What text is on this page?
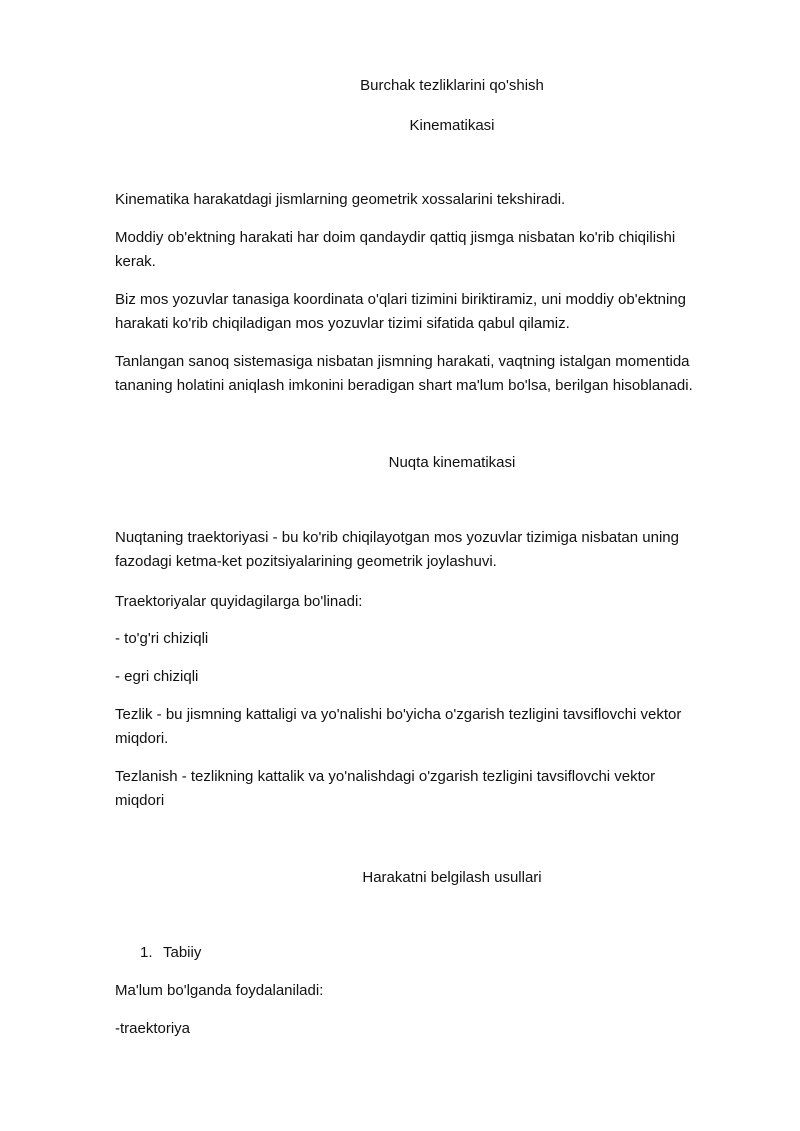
Burchak tezliklarini qo'shish
Kinematikasi
Kinematika harakatdagi jismlarning geometrik xossalarini tekshiradi.
Moddiy ob'ektning harakati har doim qandaydir qattiq jismga nisbatan ko'rib chiqilishi
kerak.
Biz mos yozuvlar tanasiga koordinata o'qlari tizimini biriktiramiz, uni moddiy ob'ektning
harakati ko'rib chiqiladigan mos yozuvlar tizimi sifatida qabul qilamiz.
Tanlangan sanoq sistemasiga nisbatan jismning harakati, vaqtning istalgan momentida
tananing holatini aniqlash imkonini beradigan shart ma'lum bo'lsa, berilgan hisoblanadi.
Nuqta kinematikasi
Nuqtaning traektoriyasi - bu ko'rib chiqilayotgan mos yozuvlar tizimiga nisbatan uning
fazodagi ketma-ket pozitsiyalarining geometrik joylashuvi.
Traektoriyalar quyidagilarga bo'linadi:
- to'g'ri chiziqli
- egri chiziqli
Tezlik - bu jismning kattaligi va yo'nalishi bo'yicha o'zgarish tezligini tavsiflovchi vektor
miqdori.
Tezlanish - tezlikning kattalik va yo'nalishdagi o'zgarish tezligini tavsiflovchi vektor
miqdori
Harakatni belgilash usullari
1. Tabiiy
Ma'lum bo'lganda foydalaniladi:
-traektoriya
